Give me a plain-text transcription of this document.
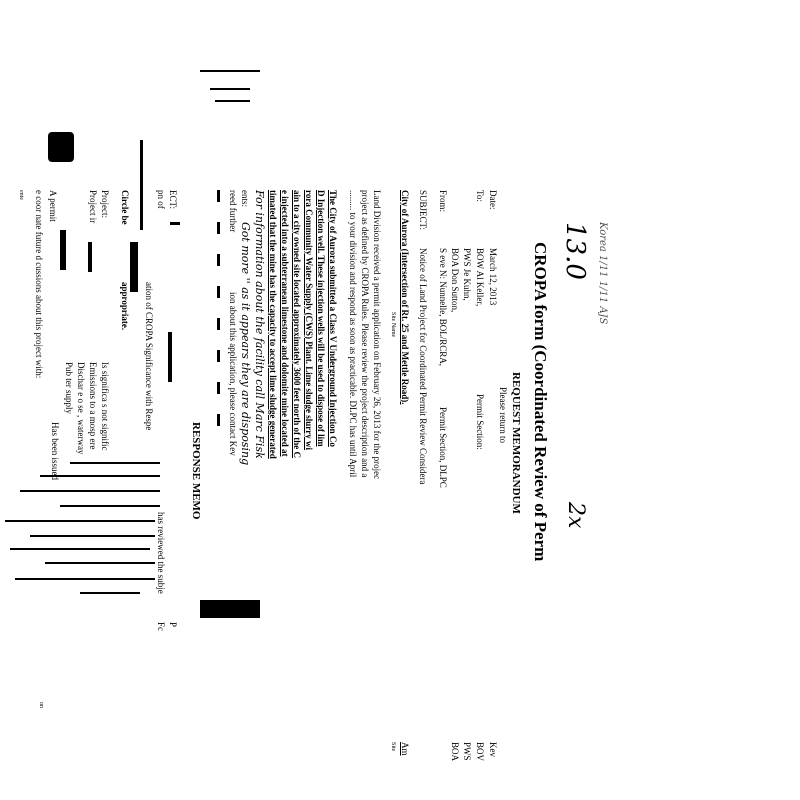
Korea 1/11 1/11 AJS
13.0
2x
CROPA form (Coordinated Review of Perm
REQUEST MEMORANDUM
Please return to
Date:
March 12, 2013
To:
BOW Al Keller,
PWS Je Kuhn,
BOA Don Sutton,
Permit Section:
From:
S eve N: Nunnelle, BOL/RCRA,
Permit Section, DLPC
Kev
BOV
PWS
BOA
SUBJECT:
Notice of Land Project for Coordinated Permit Review Considera
City of Aurora (Intersection of Rt. 25 and Mettle Road).
Site Name
Am
Site
Land Division received a permit application on February 26, 2013 for the projec
project as defined by CROPA Rules. Please review the project description and a
......... to your division and respond as soon as practicable. DLPC has until April
The City of Aurora submitted a Class V Underground Injection Co
D Injection well. These injection wells will be used to dispose of lim
rora Community Water Supply (CWS) Plant. Lime sludge slurry wi
ain to a city owned site located approximately 3600 feet north of the C
e injected into a subterranean limestone and dolomite mine located at
timated that the mine has the capacity to accept lime sludge generated
For information about the facility call Marc Fisk
ents:
Got more '' as it appears they are disposing
reed further
ion about this application, please contact Kev
RESPONSE MEMO
ECT:
P
Fc
pn of
has reviewed the subje
ation of CROPA Significance with Respe
Circle be
appropriate.
Project:
Project ir
Is significa s not signific
Emissions to a mosp ere
Dischar e o se , waterway
Pub ter supply
A permit
Has been issued
e coor nate future d cussions about this project with:
ente
on
